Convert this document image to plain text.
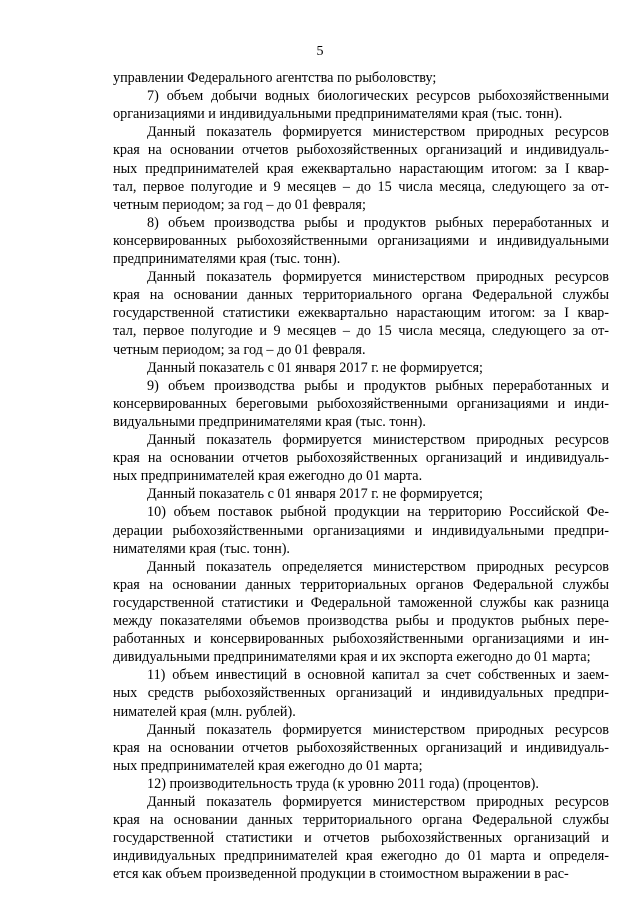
5
управлении Федерального агентства по рыболовству;
7) объем добычи водных биологических ресурсов рыбохозяйственными
организациями и индивидуальными предпринимателями края (тыс. тонн).
Данный показатель формируется министерством природных ресурсов
края на основании отчетов рыбохозяйственных организаций и индивидуаль-
ных предпринимателей края ежеквартально нарастающим итогом: за I квар-
тал, первое полугодие и 9 месяцев – до 15 числа месяца, следующего за от-
четным периодом; за год – до 01 февраля;
8) объем производства рыбы и продуктов рыбных переработанных и
консервированных рыбохозяйственными организациями и индивидуальными
предпринимателями края (тыс. тонн).
Данный показатель формируется министерством природных ресурсов
края на основании данных территориального органа Федеральной службы
государственной статистики ежеквартально нарастающим итогом: за I квар-
тал, первое полугодие и 9 месяцев – до 15 числа месяца, следующего за от-
четным периодом; за год – до 01 февраля.
Данный показатель с 01 января 2017 г. не формируется;
9) объем производства рыбы и продуктов рыбных переработанных и
консервированных береговыми рыбохозяйственными организациями и инди-
видуальными предпринимателями края (тыс. тонн).
Данный показатель формируется министерством природных ресурсов
края на основании отчетов рыбохозяйственных организаций и индивидуаль-
ных предпринимателей края ежегодно до 01 марта.
Данный показатель с 01 января 2017 г. не формируется;
10) объем поставок рыбной продукции на территорию Российской Фе-
дерации рыбохозяйственными организациями и индивидуальными предпри-
нимателями края (тыс. тонн).
Данный показатель определяется министерством природных ресурсов
края на основании данных территориальных органов Федеральной службы
государственной статистики и Федеральной таможенной службы как разница
между показателями объемов производства рыбы и продуктов рыбных пере-
работанных и консервированных рыбохозяйственными организациями и ин-
дивидуальными предпринимателями края и их экспорта ежегодно до 01 марта;
11) объем инвестиций в основной капитал за счет собственных и заем-
ных средств рыбохозяйственных организаций и индивидуальных предпри-
нимателей края (млн. рублей).
Данный показатель формируется министерством природных ресурсов
края на основании отчетов рыбохозяйственных организаций и индивидуаль-
ных предпринимателей края ежегодно до 01 марта;
12) производительность труда (к уровню 2011 года) (процентов).
Данный показатель формируется министерством природных ресурсов
края на основании данных территориального органа Федеральной службы
государственной статистики и отчетов рыбохозяйственных организаций и
индивидуальных предпринимателей края ежегодно до 01 марта и определя-
ется как объем произведенной продукции в стоимостном выражении в рас-
